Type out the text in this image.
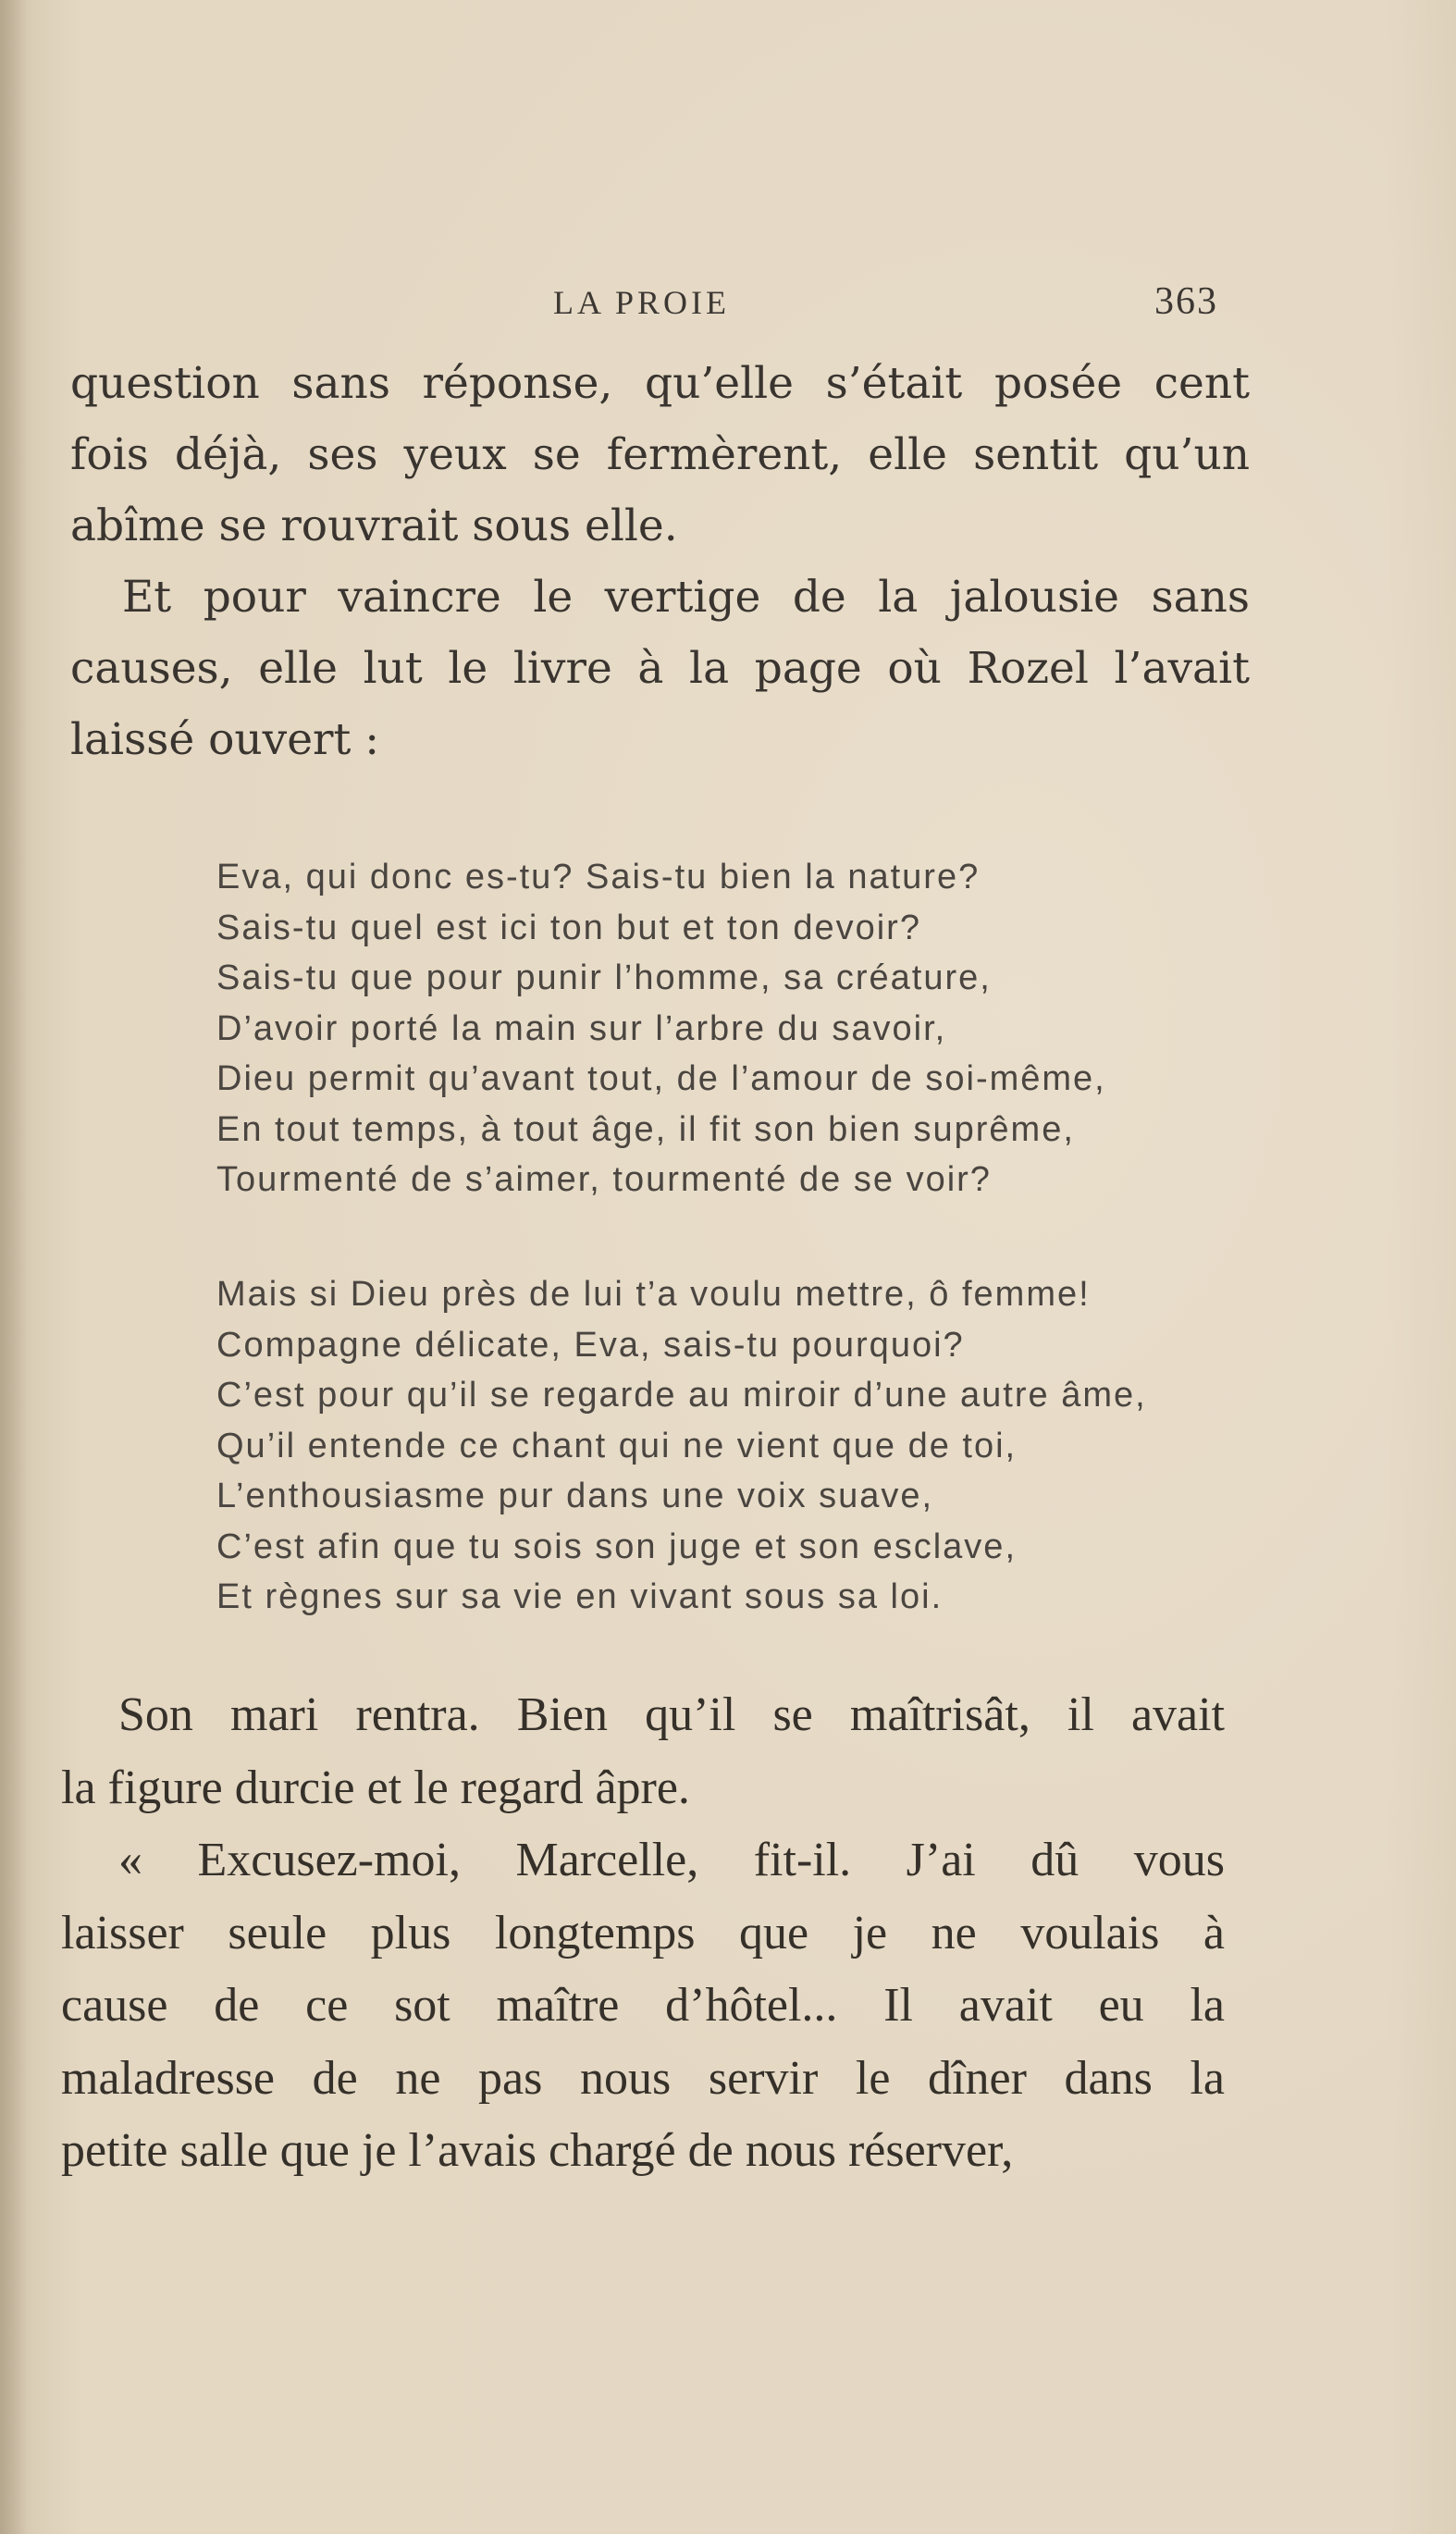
LA PROIE	363

question sans réponse, qu’elle s’était posée cent
fois déjà, ses yeux se fermèrent, elle sentit qu’un
abîme se rouvrait sous elle.

Et pour vaincre le vertige de la jalousie sans
causes, elle lut le livre à la page où Rozel l’avait
laissé ouvert :

Eva, qui donc es-tu? Sais-tu bien la nature?
Sais-tu quel est ici ton but et ton devoir?
Sais-tu que pour punir l’homme, sa créature,
D’avoir porté la main sur l’arbre du savoir,
Dieu permit qu’avant tout, de l’amour de soi-même,
En tout temps, à tout âge, il fit son bien suprême,
Tourmenté de s’aimer, tourmenté de se voir?
Mais si Dieu près de lui t’a voulu mettre, ô femme!
Compagne délicate, Eva, sais-tu pourquoi?
C’est pour qu’il se regarde au miroir d’une autre âme,
Qu’il entende ce chant qui ne vient que de toi,
L’enthousiasme pur dans une voix suave,
C’est afin que tu sois son juge et son esclave,
Et règnes sur sa vie en vivant sous sa loi.

Son mari rentra. Bien qu’il se maîtrisât, il avait
la figure durcie et le regard âpre.

« Excusez-moi, Marcelle, fit-il. J’ai dû vous
laisser seule plus longtemps que je ne voulais à
cause de ce sot maître d’hôtel... Il avait eu la
maladresse de ne pas nous servir le dîner dans la
petite salle que je l’avais chargé de nous réserver,
